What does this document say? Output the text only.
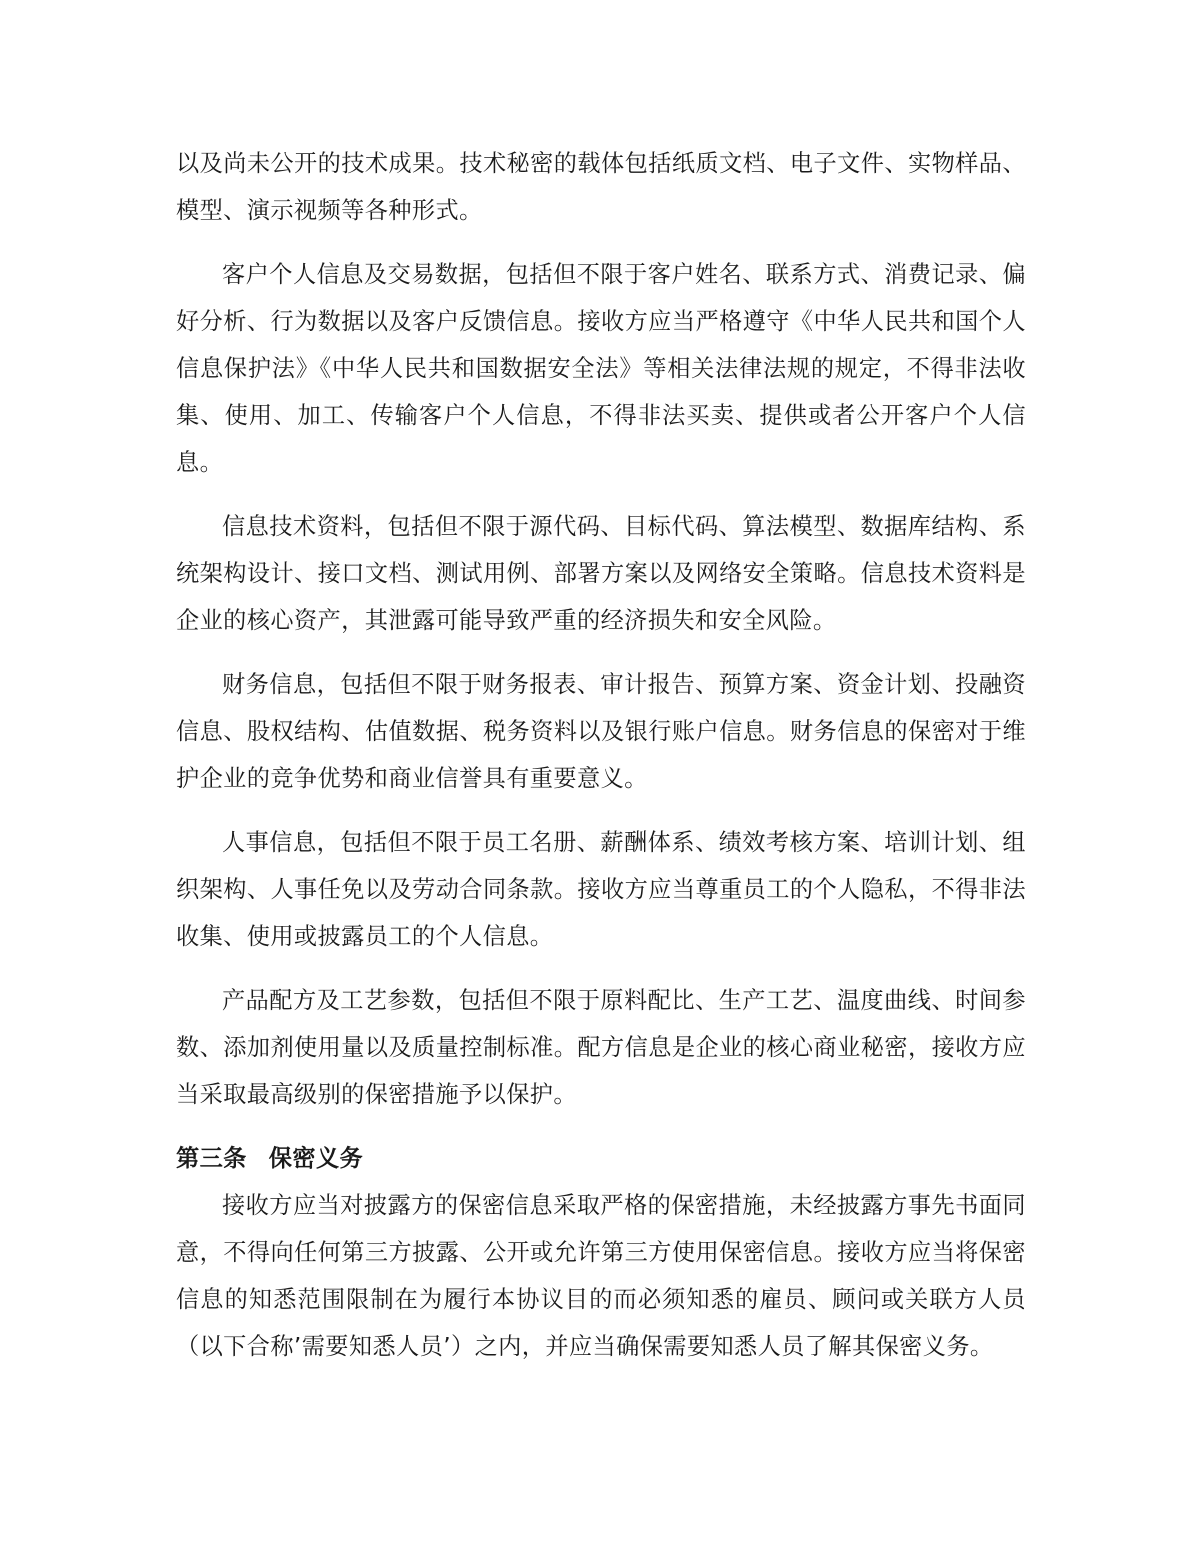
以及尚未公开的技术成果。技术秘密的载体包括纸质文档、电子文件、实物样品、模型、演示视频等各种形式。

客户个人信息及交易数据，包括但不限于客户姓名、联系方式、消费记录、偏好分析、行为数据以及客户反馈信息。接收方应当严格遵守《中华人民共和国个人信息保护法》《中华人民共和国数据安全法》等相关法律法规的规定，不得非法收集、使用、加工、传输客户个人信息，不得非法买卖、提供或者公开客户个人信息。

信息技术资料，包括但不限于源代码、目标代码、算法模型、数据库结构、系统架构设计、接口文档、测试用例、部署方案以及网络安全策略。信息技术资料是企业的核心资产，其泄露可能导致严重的经济损失和安全风险。

财务信息，包括但不限于财务报表、审计报告、预算方案、资金计划、投融资信息、股权结构、估值数据、税务资料以及银行账户信息。财务信息的保密对于维护企业的竞争优势和商业信誉具有重要意义。

人事信息，包括但不限于员工名册、薪酬体系、绩效考核方案、培训计划、组织架构、人事任免以及劳动合同条款。接收方应当尊重员工的个人隐私，不得非法收集、使用或披露员工的个人信息。

产品配方及工艺参数，包括但不限于原料配比、生产工艺、温度曲线、时间参数、添加剂使用量以及质量控制标准。配方信息是企业的核心商业秘密，接收方应当采取最高级别的保密措施予以保护。

第三条 保密义务

接收方应当对披露方的保密信息采取严格的保密措施，未经披露方事先书面同意，不得向任何第三方披露、公开或允许第三方使用保密信息。接收方应当将保密信息的知悉范围限制在为履行本协议目的而必须知悉的雇员、顾问或关联方人员（以下合称’需要知悉人员’）之内，并应当确保需要知悉人员了解其保密义务。
